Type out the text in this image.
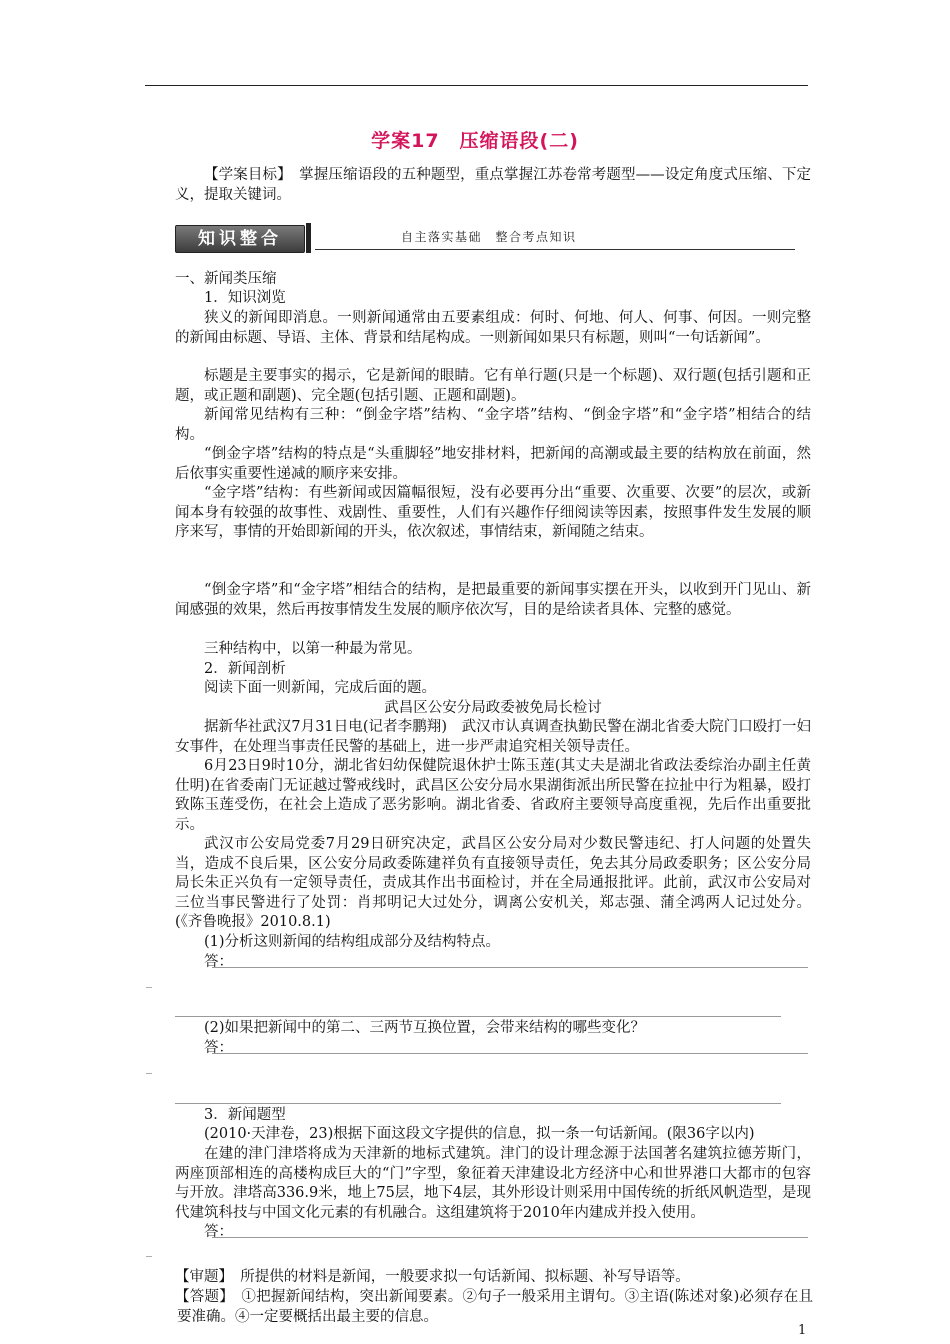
学案17　压缩语段(二)

【学案目标】　掌握压缩语段的五种题型，重点掌握江苏卷常考题型——设定角度式压缩、下定义，提取关键词。

知识整合	自主落实基础　整合考点知识

一、新闻类压缩

1．知识浏览

狭义的新闻即消息。一则新闻通常由五要素组成：何时、何地、何人、何事、何因。一则完整的新闻由标题、导语、主体、背景和结尾构成。一则新闻如果只有标题，则叫“一句话新闻”。

标题是主要事实的揭示，它是新闻的眼睛。它有单行题(只是一个标题)、双行题(包括引题和正题，或正题和副题)、完全题(包括引题、正题和副题)。

新闻常见结构有三种：“倒金字塔”结构、“金字塔”结构、“倒金字塔”和“金字塔”相结合的结构。

“倒金字塔”结构的特点是“头重脚轻”地安排材料，把新闻的高潮或最主要的结构放在前面，然后依事实重要性递减的顺序来安排。

“金字塔”结构：有些新闻或因篇幅很短，没有必要再分出“重要、次重要、次要”的层次，或新闻本身有较强的故事性、戏剧性、重要性，人们有兴趣作仔细阅读等因素，按照事件发生发展的顺序来写，事情的开始即新闻的开头，依次叙述，事情结束，新闻随之结束。

“倒金字塔”和“金字塔”相结合的结构，是把最重要的新闻事实摆在开头，以收到开门见山、新闻感强的效果，然后再按事情发生发展的顺序依次写，目的是给读者具体、完整的感觉。

三种结构中，以第一种最为常见。

2．新闻剖析

阅读下面一则新闻，完成后面的题。

武昌区公安分局政委被免局长检讨

据新华社武汉7月31日电(记者李鹏翔)　武汉市认真调查执勤民警在湖北省委大院门口殴打一妇女事件，在处理当事责任民警的基础上，进一步严肃追究相关领导责任。

6月23日9时10分，湖北省妇幼保健院退休护士陈玉莲(其丈夫是湖北省政法委综治办副主任黄仕明)在省委南门无证越过警戒线时，武昌区公安分局水果湖街派出所民警在拉扯中行为粗暴，殴打致陈玉莲受伤，在社会上造成了恶劣影响。湖北省委、省政府主要领导高度重视，先后作出重要批示。

武汉市公安局党委7月29日研究决定，武昌区公安分局对少数民警违纪、打人问题的处置失当，造成不良后果，区公安分局政委陈建祥负有直接领导责任，免去其分局政委职务；区公安分局局长朱正兴负有一定领导责任，责成其作出书面检讨，并在全局通报批评。此前，武汉市公安局对三位当事民警进行了处罚：肖邦明记大过处分，调离公安机关，郑志强、蒲全鸿两人记过处分。(《齐鲁晚报》2010.8.1)

(1)分析这则新闻的结构组成部分及结构特点。

答：

_

(2)如果把新闻中的第二、三两节互换位置，会带来结构的哪些变化？

答：

_

3．新闻题型

(2010·天津卷，23)根据下面这段文字提供的信息，拟一条一句话新闻。(限36字以内)

在建的津门津塔将成为天津新的地标式建筑。津门的设计理念源于法国著名建筑拉德芳斯门，两座顶部相连的高楼构成巨大的“门”字型，象征着天津建设北方经济中心和世界港口大都市的包容与开放。津塔高336.9米，地上75层，地下4层，其外形设计则采用中国传统的折纸风帆造型，是现代建筑科技与中国文化元素的有机融合。这组建筑将于2010年内建成并投入使用。

答：

_

【审题】　所提供的材料是新闻，一般要求拟一句话新闻、拟标题、补写导语等。

【答题】　①把握新闻结构，突出新闻要素。②句子一般采用主谓句。③主语(陈述对象)必须存在且要准确。④一定要概括出最主要的信息。

1
